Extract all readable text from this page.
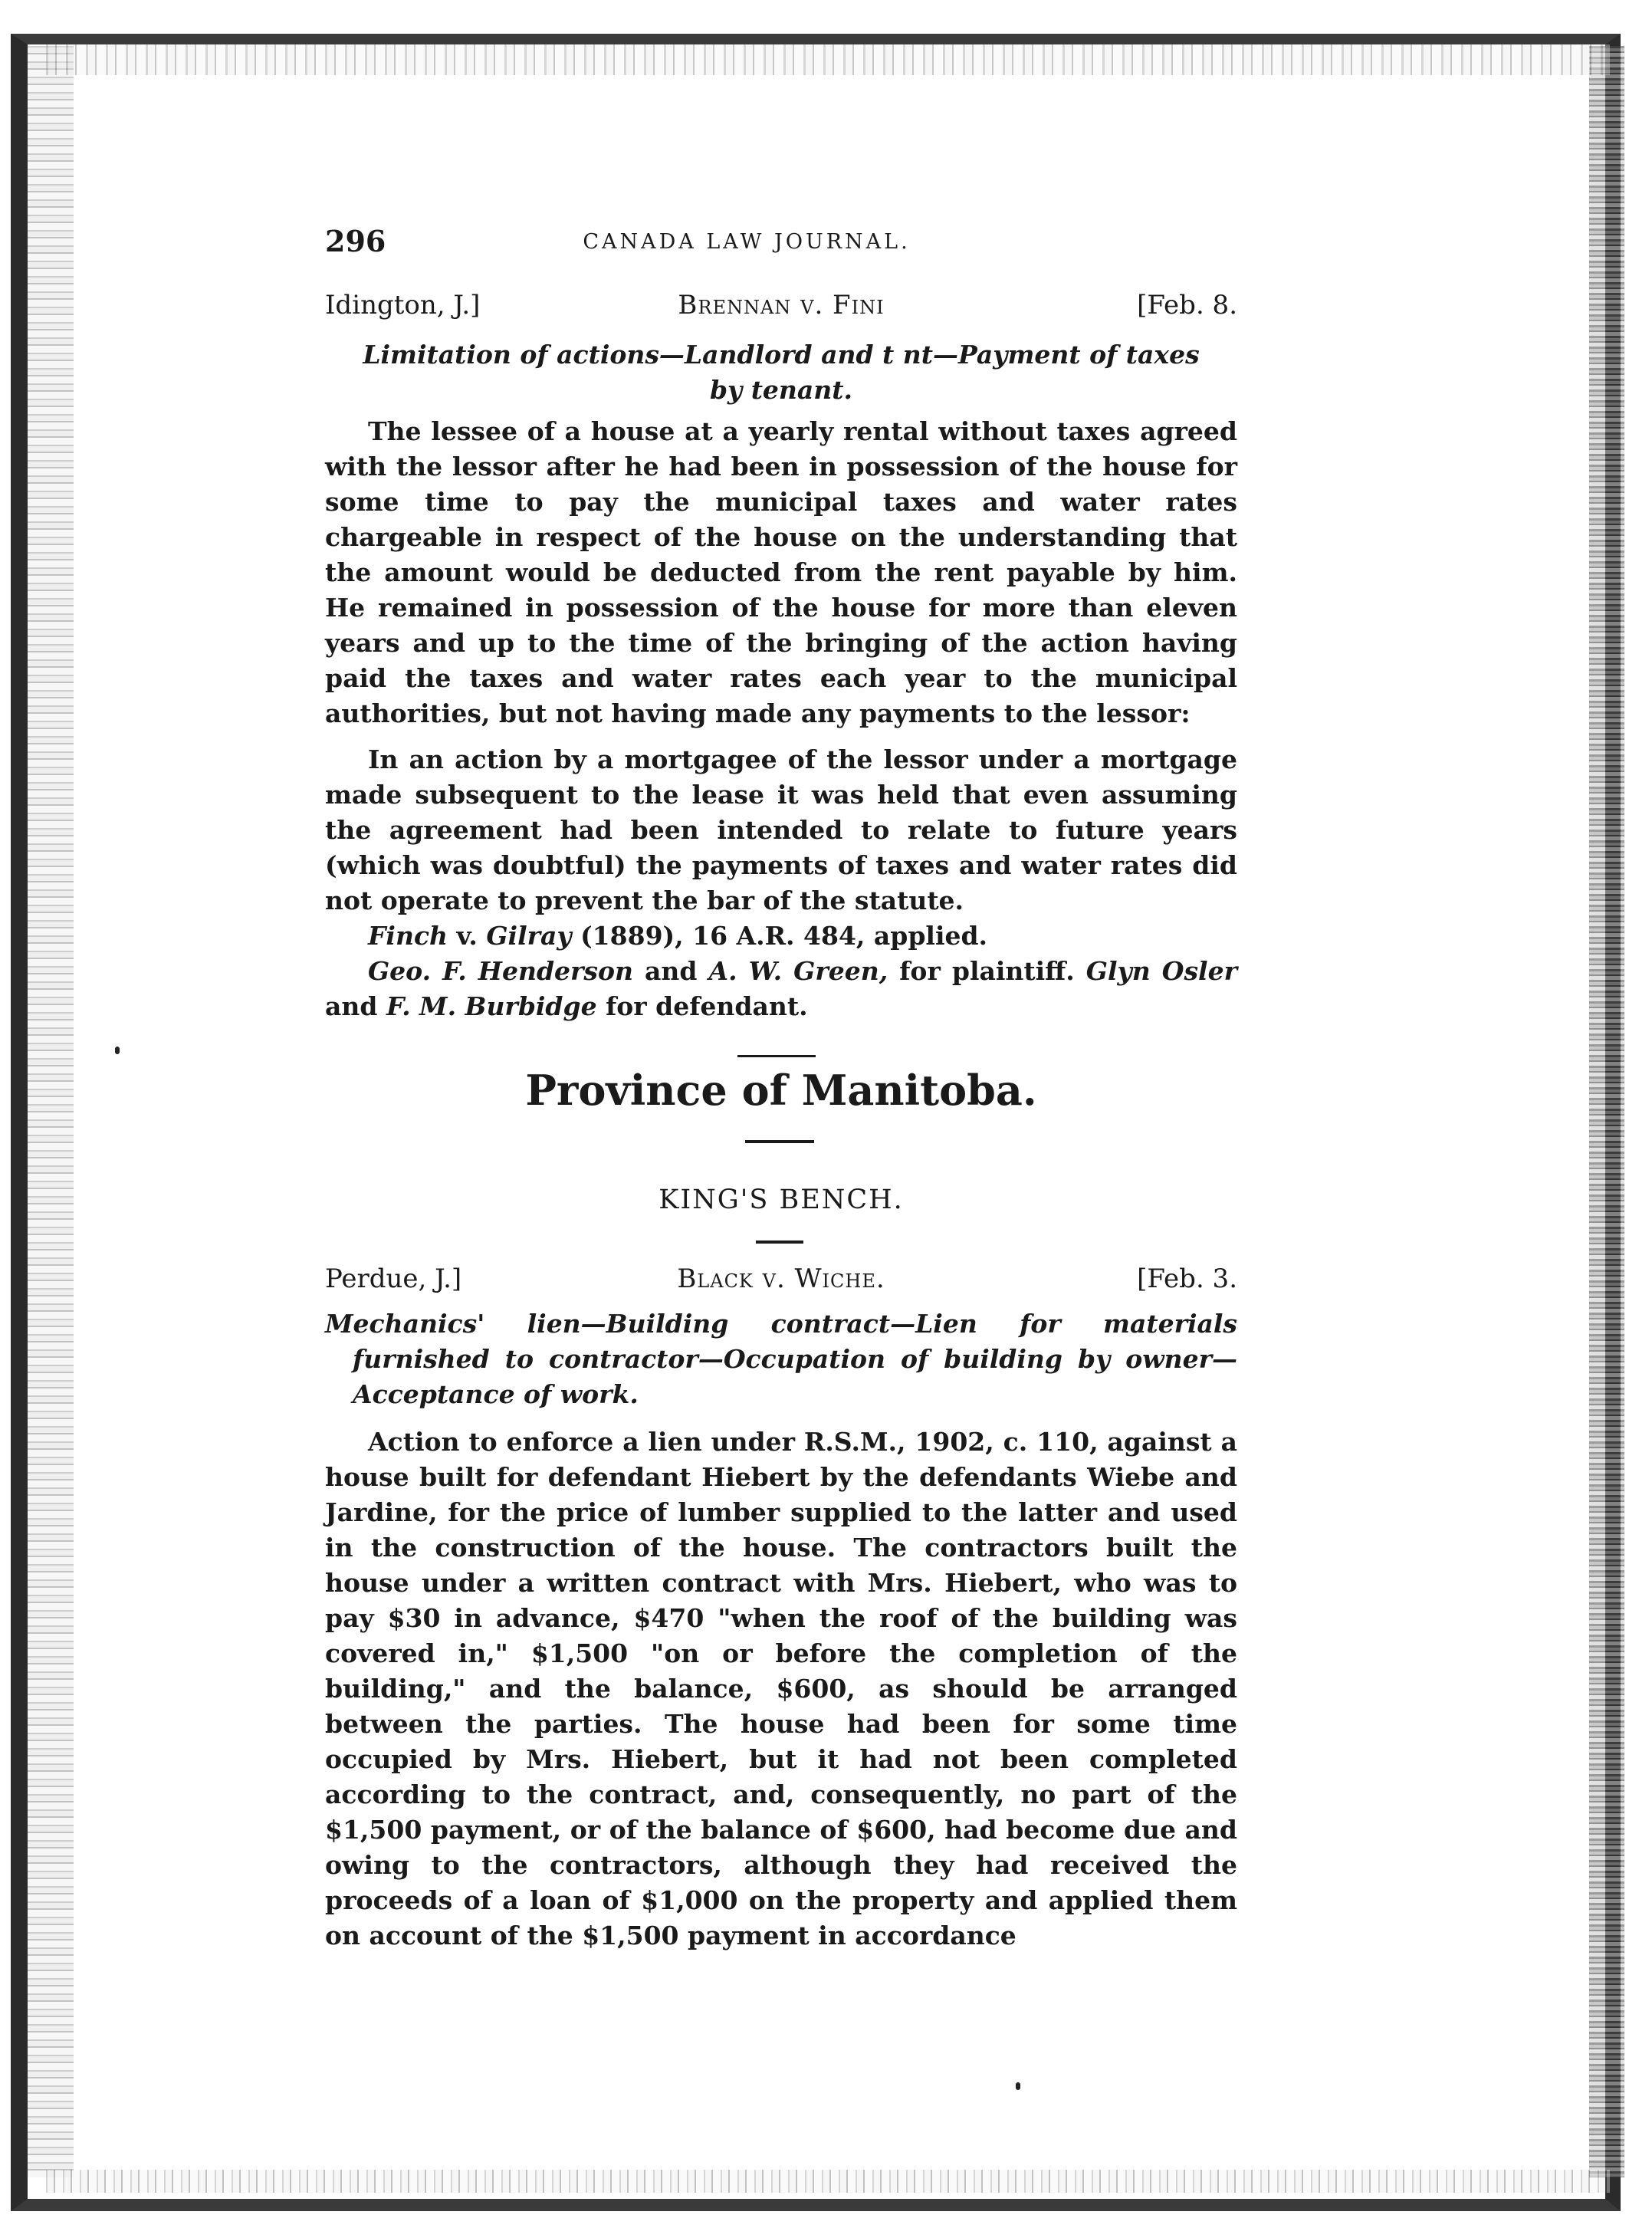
296	CANADA LAW JOURNAL.
Idington, J.]	Brennan v. Fini	[Feb. 8.
Limitation of actions—Landlord and t nt—Payment of taxes
by tenant.
The lessee of a house at a yearly rental without taxes agreed with the lessor after he had been in possession of the house for some time to pay the municipal taxes and water rates chargeable in respect of the house on the understanding that the amount would be deducted from the rent payable by him. He remained in possession of the house for more than eleven years and up to the time of the bringing of the action having paid the taxes and water rates each year to the municipal authorities, but not having made any payments to the lessor:
In an action by a mortgagee of the lessor under a mortgage made subsequent to the lease it was held that even assuming the agreement had been intended to relate to future years (which was doubtful) the payments of taxes and water rates did not operate to prevent the bar of the statute.
Finch v. Gilray (1889), 16 A.R. 484, applied.
Geo. F. Henderson and A. W. Green, for plaintiff. Glyn Osler and F. M. Burbidge for defendant.
Province of Manitoba.
KING'S BENCH.
Perdue, J.]	Black v. Wiche.	[Feb. 3.
Mechanics' lien—Building contract—Lien for materials furnished to contractor—Occupation of building by owner—Acceptance of work.
Action to enforce a lien under R.S.M., 1902, c. 110, against a house built for defendant Hiebert by the defendants Wiebe and Jardine, for the price of lumber supplied to the latter and used in the construction of the house. The contractors built the house under a written contract with Mrs. Hiebert, who was to pay $30 in advance, $470 "when the roof of the building was covered in," $1,500 "on or before the completion of the building," and the balance, $600, as should be arranged between the parties. The house had been for some time occupied by Mrs. Hiebert, but it had not been completed according to the contract, and, consequently, no part of the $1,500 payment, or of the balance of $600, had become due and owing to the contractors, although they had received the proceeds of a loan of $1,000 on the property and applied them on account of the $1,500 payment in accordance
